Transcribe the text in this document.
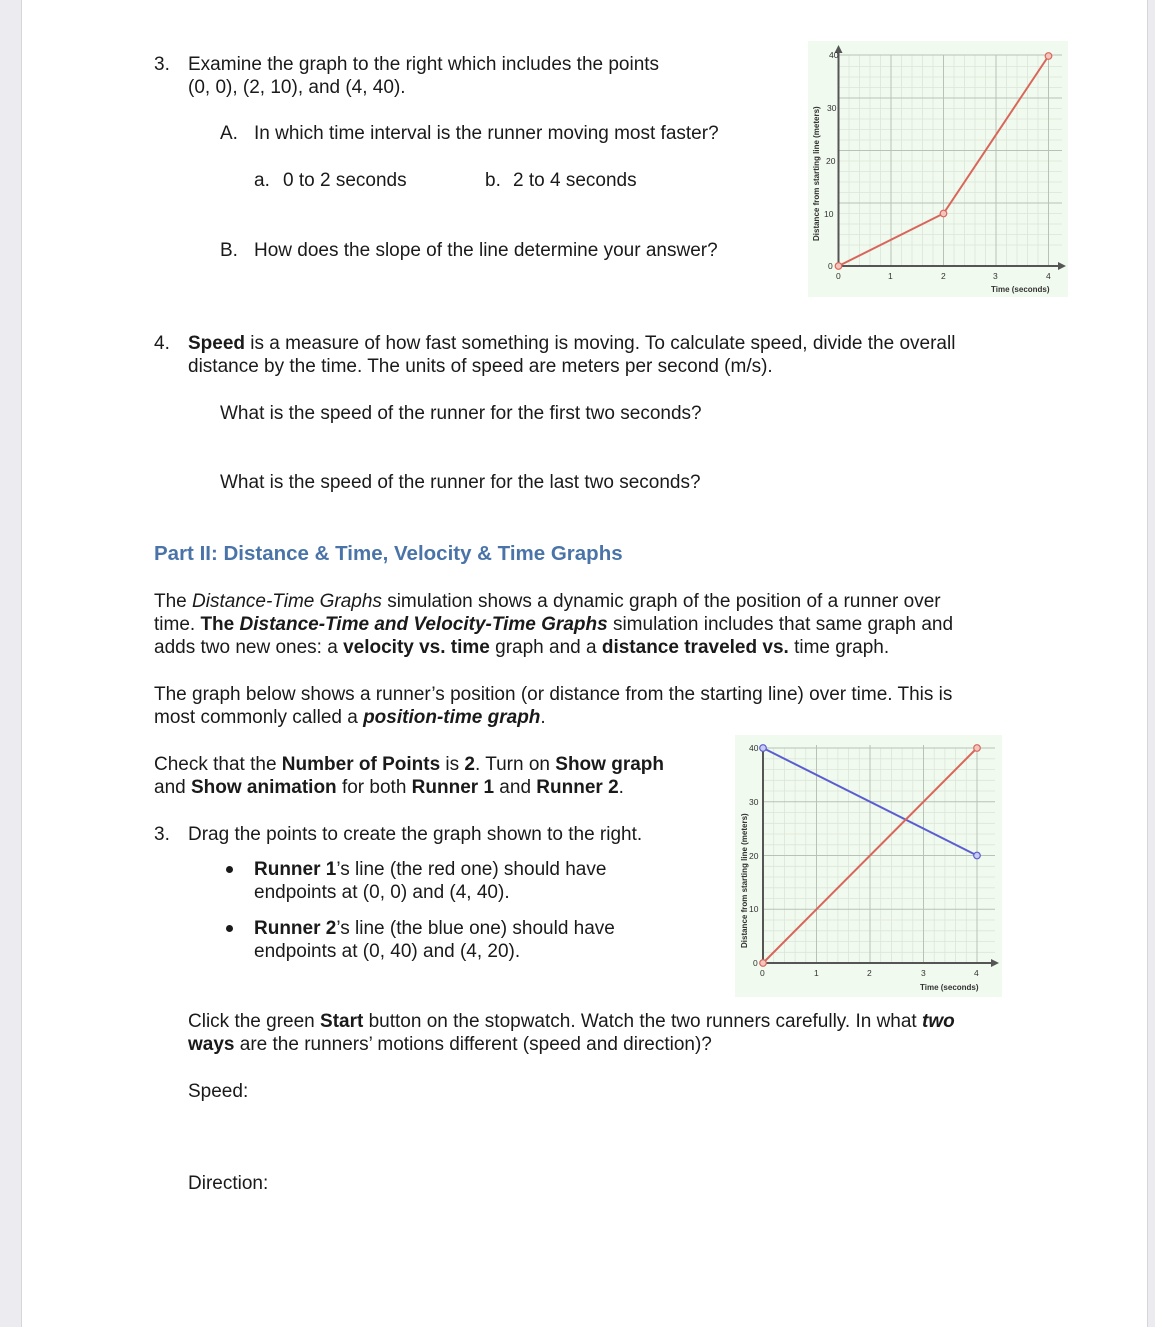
3. Examine the graph to the right which includes the points
(0, 0), (2, 10), and (4, 40).
A. In which time interval is the runner moving most faster?
a. 0 to 2 seconds	b. 2 to 4 seconds
B. How does the slope of the line determine your answer?
0
10
20
30
40
0	1	2	3	4
Time (seconds)
Distance from starting line (meters)
4. Speed is a measure of how fast something is moving. To calculate speed, divide the overall
distance by the time. The units of speed are meters per second (m/s).
What is the speed of the runner for the first two seconds?
What is the speed of the runner for the last two seconds?
Part II: Distance & Time, Velocity & Time Graphs
The Distance-Time Graphs simulation shows a dynamic graph of the position of a runner over
time. The Distance-Time and Velocity-Time Graphs simulation includes that same graph and
adds two new ones: a velocity vs. time graph and a distance traveled vs. time graph.
The graph below shows a runner’s position (or distance from the starting line) over time. This is
most commonly called a position-time graph.
Check that the Number of Points is 2. Turn on Show graph
and Show animation for both Runner 1 and Runner 2.
3. Drag the points to create the graph shown to the right.
Runner 1’s line (the red one) should have
endpoints at (0, 0) and (4, 40).
Runner 2’s line (the blue one) should have
endpoints at (0, 40) and (4, 20).
0
10
20
30
40
0	1	2	3	4
Time (seconds)
Distance from starting line (meters)
Click the green Start button on the stopwatch. Watch the two runners carefully. In what two
ways are the runners’ motions different (speed and direction)?
Speed:
Direction:
